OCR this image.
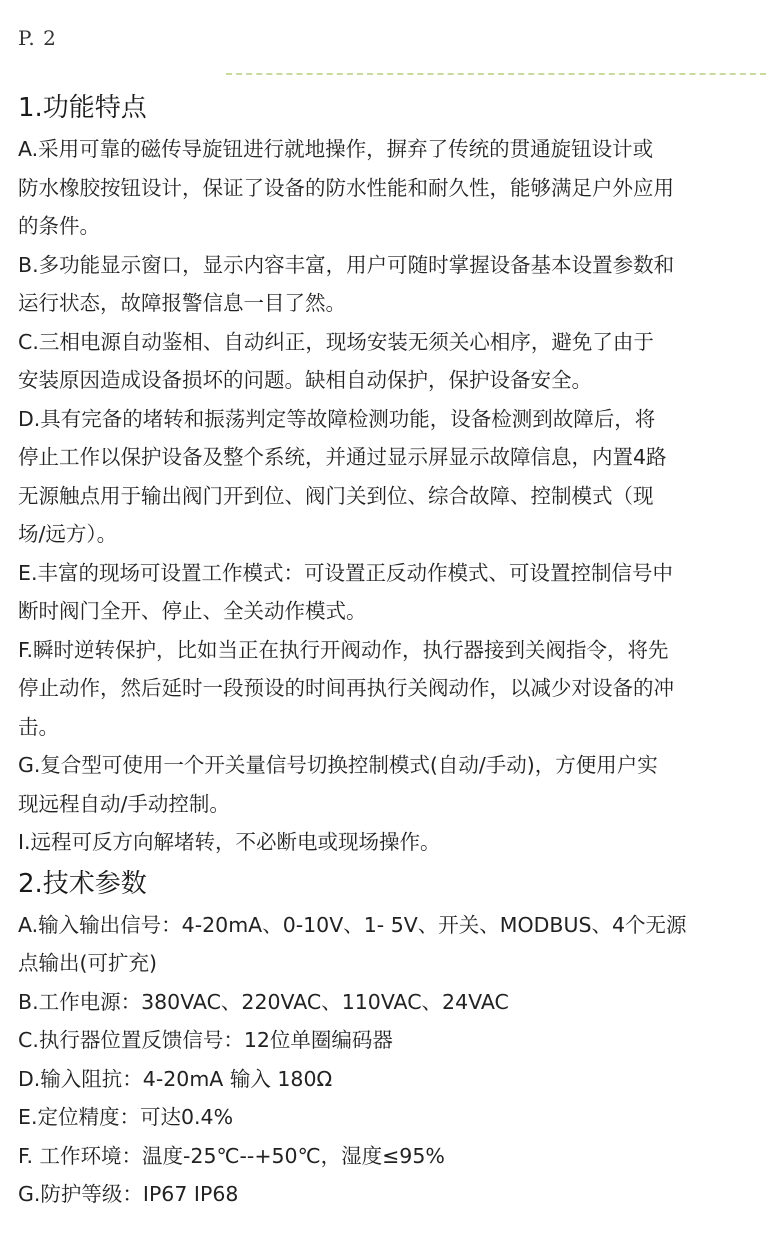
P. 2
1.功能特点

A.采用可靠的磁传导旋钮进行就地操作，摒弃了传统的贯通旋钮设计或
防水橡胶按钮设计，保证了设备的防水性能和耐久性，能够满足户外应用
的条件。

B.多功能显示窗口，显示内容丰富，用户可随时掌握设备基本设置参数和
运行状态，故障报警信息一目了然。

C.三相电源自动鉴相、自动纠正，现场安装无须关心相序，避免了由于
安装原因造成设备损坏的问题。缺相自动保护，保护设备安全。

D.具有完备的堵转和振荡判定等故障检测功能，设备检测到故障后，将
停止工作以保护设备及整个系统，并通过显示屏显示故障信息，内置4路
无源触点用于输出阀门开到位、阀门关到位、综合故障、控制模式（现
场/远方）。

E.丰富的现场可设置工作模式：可设置正反动作模式、可设置控制信号中
断时阀门全开、停止、全关动作模式。

F.瞬时逆转保护，比如当正在执行开阀动作，执行器接到关阀指令，将先
停止动作，然后延时一段预设的时间再执行关阀动作，以减少对设备的冲
击。

G.复合型可使用一个开关量信号切换控制模式(自动/手动)，方便用户实
现远程自动/手动控制。

I.远程可反方向解堵转，不必断电或现场操作。

2.技术参数

A.输入输出信号：4-20mA、0-10V、1- 5V、开关、MODBUS、4个无源
点输出(可扩充)

B.工作电源：380VAC、220VAC、110VAC、24VAC

C.执行器位置反馈信号：12位单圈编码器

D.输入阻抗：4-20mA 输入 180Ω

E.定位精度：可达0.4%

F. 工作环境：温度-25℃--+50℃，湿度≤95%

G.防护等级：IP67 IP68
